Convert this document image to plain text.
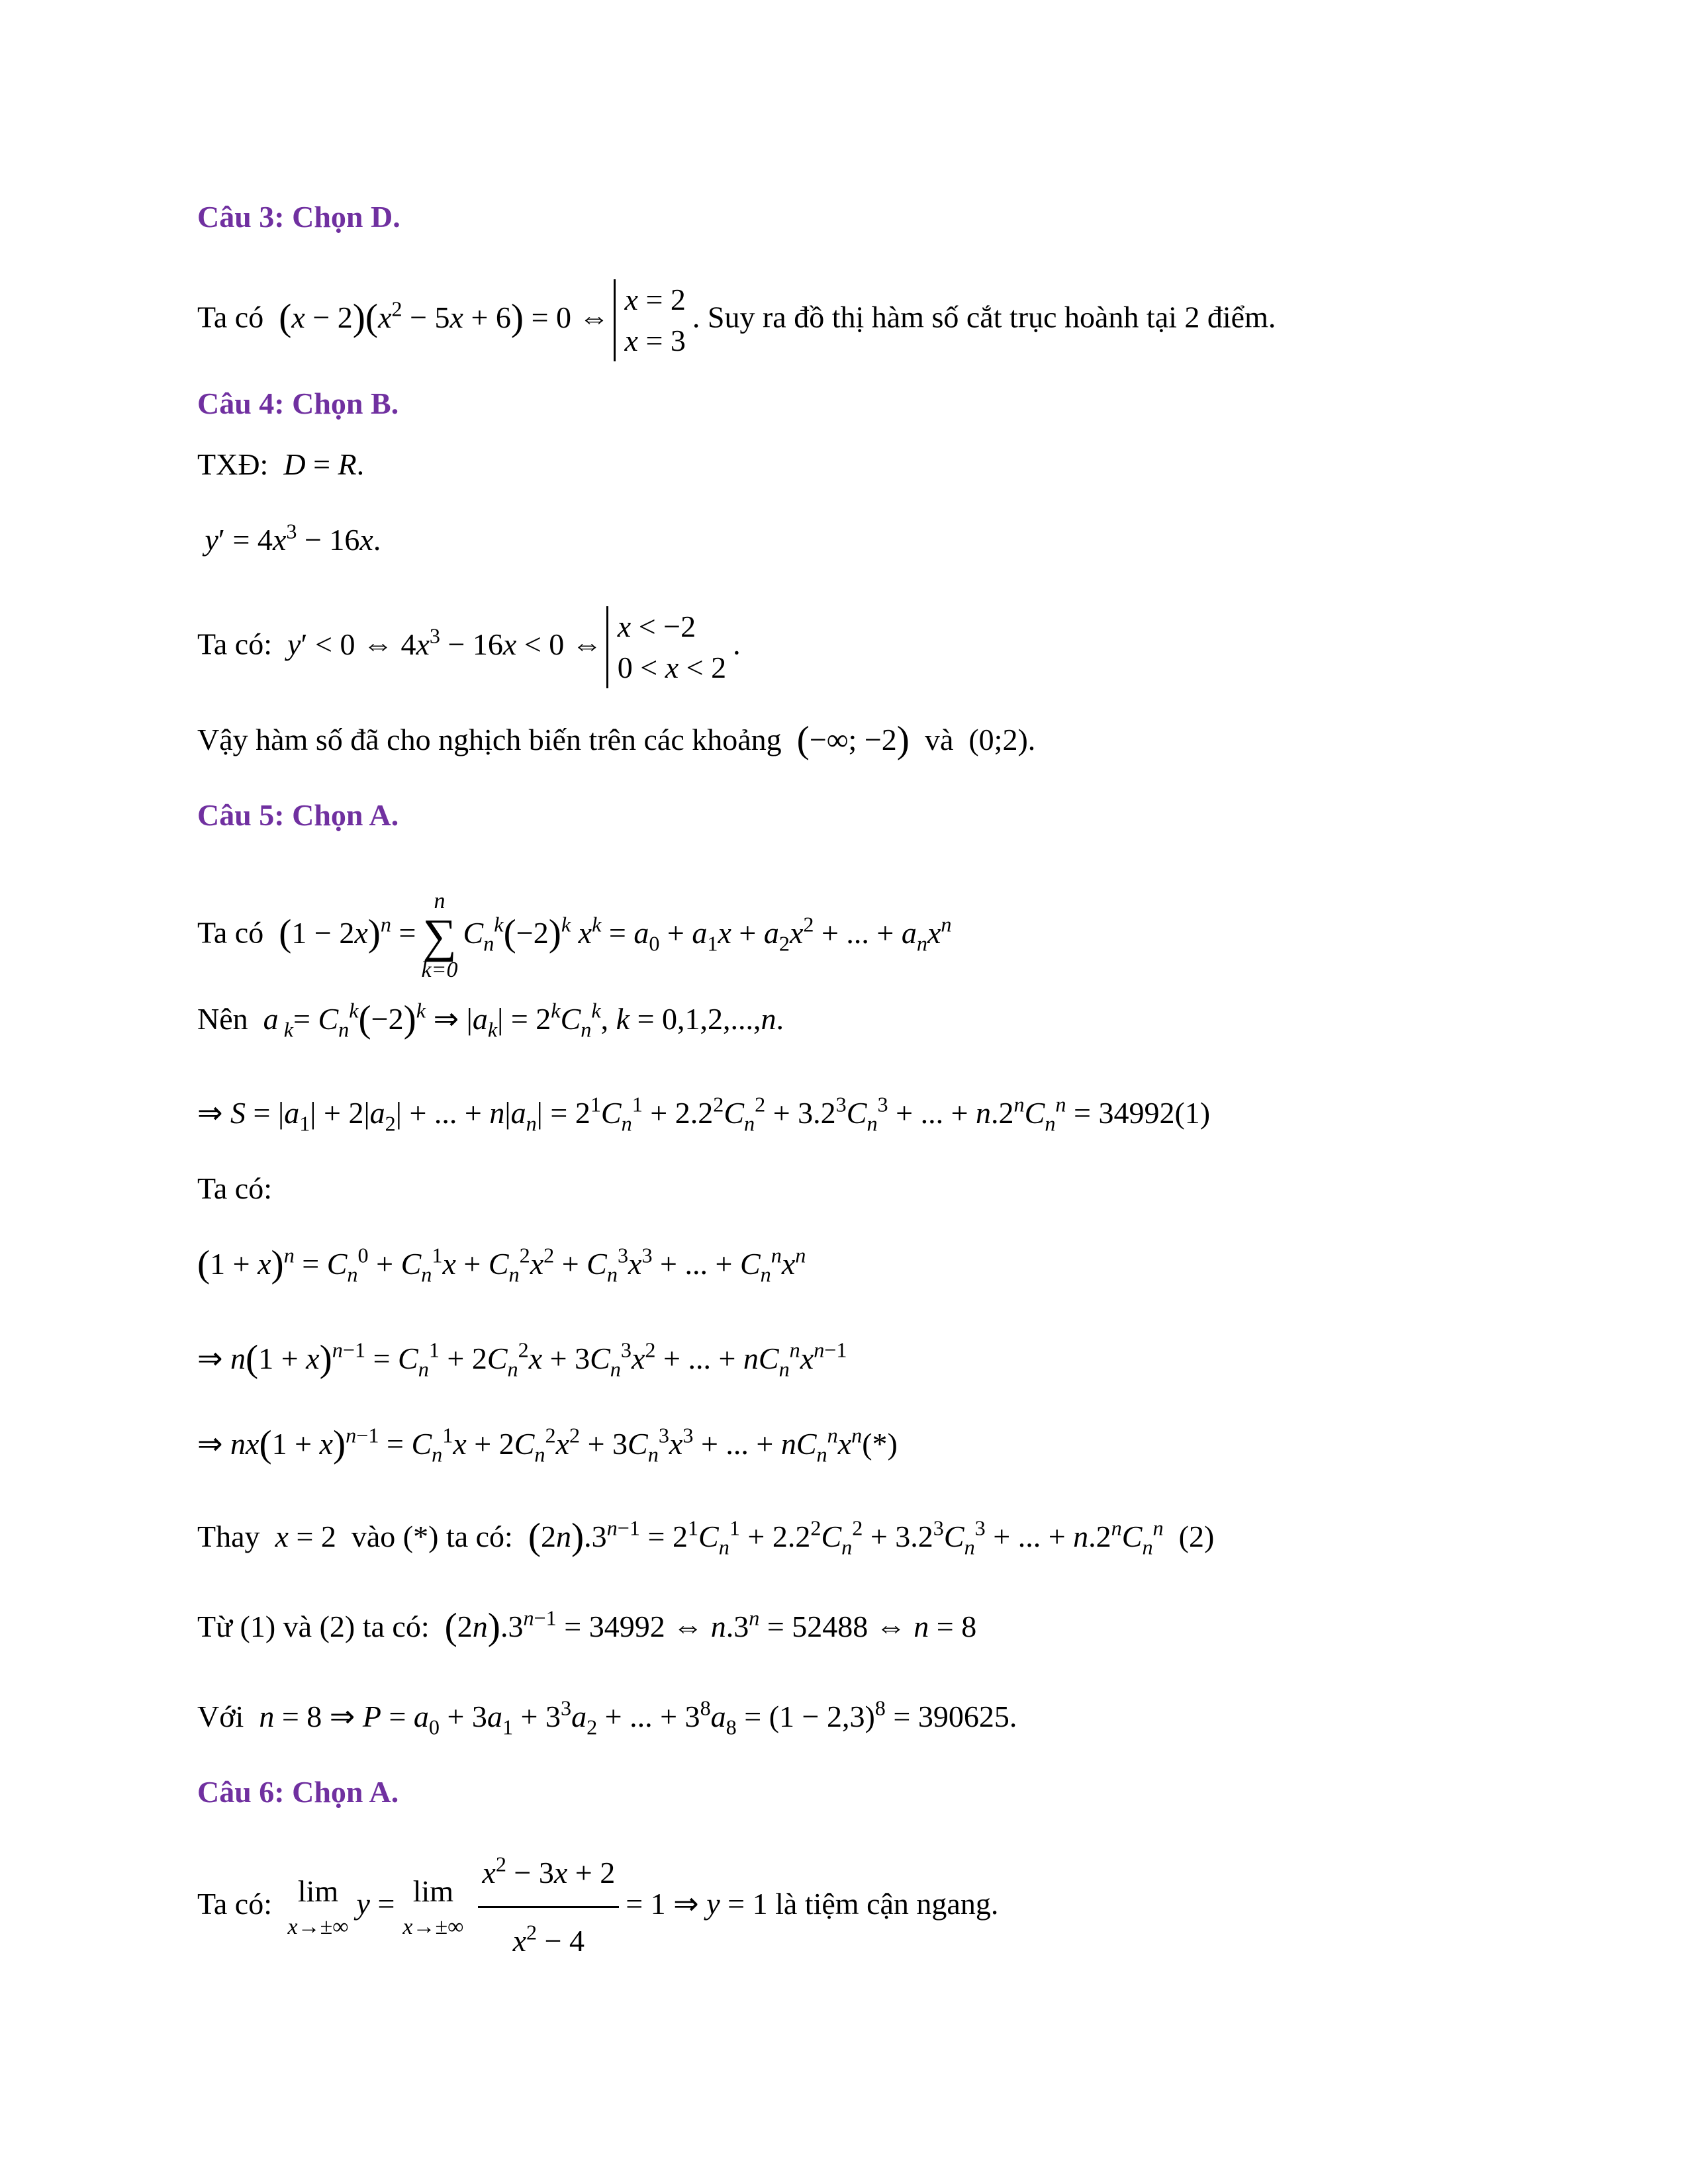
Câu 3: Chọn D.
Ta có $(x - 2)(x^2 - 5x + 6) = 0$ ⇔
x = 2
x = 3
. Suy ra đồ thị hàm số cắt trục hoành tại 2 điểm.
Câu 4: Chọn B.
TXĐ: D = R.
$y' = 4x^3 - 16x$.
Ta có: y′ < 0 ⇔ $4x^3 - 16x < 0$ ⇔
x < −2
0 < x < 2
.
Vậy hàm số đã cho nghịch biến trên các khoảng (−∞; −2) và  (0;2).
Câu 5: Chọn A.
Ta có $(1 - 2x)^n$ =
n
∑
k=0
$C_n^k(-2)^k$ $x^k = a_0 + a_1x + a_2x^2$ + ... + $a_nx^n$
Nên a $_k= C_n^k(-2)^k$ ⇒ $|a_k| = 2^kC_n^k$, k = 0,1,2,...,n.
⇒ $S = |a_1| + 2|a_2|$ + ... + $n|a_n| = 2^1C_n^1 + 2.2^2C_n^2 + 3.2^3C_n^3$ + ... + $n.2^nC_n^n = 34992(1)$
Ta có:
$(1 + x)^n = C_n^0 + C_n^1x + C_n^2x^2 + C_n^3x^3$ + ... + $C_n^nx^n$
⇒ $n(1 + x)^{n-1} = C_n^1 + 2C_n^2x + 3C_n^3x^2$ + ... + $nC_n^nx^{n-1}$
⇒ $nx(1 + x)^{n-1} = C_n^1x + 2C_n^2x^2 + 3C_n^3x^3$ + ... + $nC_n^nx^n(*)$
Thay x = 2  vào (*) ta có: $(2n).3^{n-1} = 2^1C_n^1 + 2.2^2C_n^2 + 3.2^3C_n^3$ + ... + $n.2^nC_n^n$  (2)
Từ (1) và (2) ta có: $(2n).3^{n-1} = 34992$ ⇔ $n.3^n = 52488$ ⇔ n = 8
Với n = 8 ⇒ $P = a_0 + 3a_1 + 3^3a_2$ + ... + $3^8a_8 = (1 - 2,3)^8 = 390625$.
Câu 6: Chọn A.
Ta có: lim
x→±∞
y = lim
$x\to\pm\infty \frac{x^2 - 3x + 2}{x^2 - 4} = 1$ ⇒ y = 1 là tiệm cận ngang.
